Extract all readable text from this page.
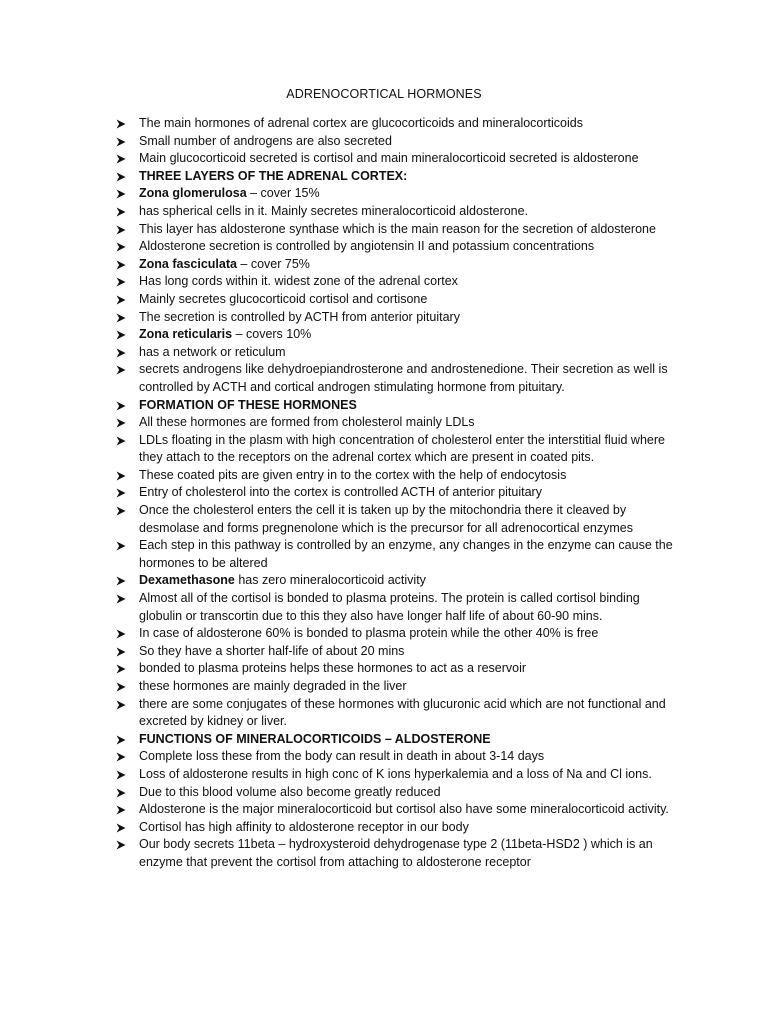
ADRENOCORTICAL HORMONES
The main hormones of adrenal cortex are glucocorticoids and mineralocorticoids
Small number of androgens are also secreted
Main glucocorticoid secreted is cortisol and main mineralocorticoid secreted is aldosterone
THREE LAYERS OF THE ADRENAL CORTEX:
Zona glomerulosa – cover 15%
has spherical cells in it. Mainly secretes mineralocorticoid aldosterone.
This layer has aldosterone synthase which is the main reason for the secretion of aldosterone
Aldosterone secretion is controlled by angiotensin II and potassium concentrations
Zona fasciculata – cover 75%
Has long cords within it. widest zone of the adrenal cortex
Mainly secretes glucocorticoid cortisol and cortisone
The secretion is controlled by ACTH from anterior pituitary
Zona reticularis – covers 10%
has a network or reticulum
secrets androgens like dehydroepiandrosterone and androstenedione. Their secretion as well is controlled by ACTH and cortical androgen stimulating hormone from pituitary.
FORMATION OF THESE HORMONES
All these hormones are formed from cholesterol mainly LDLs
LDLs floating in the plasm with high concentration of cholesterol enter the interstitial fluid where they attach to the receptors on the adrenal cortex which are present in coated pits.
These coated pits are given entry in to the cortex with the help of endocytosis
Entry of cholesterol into the cortex is controlled ACTH of anterior pituitary
Once the cholesterol enters the cell it is taken up by the mitochondria there it cleaved by desmolase and forms pregnenolone which is the precursor for all adrenocortical enzymes
Each step in this pathway is controlled by an enzyme, any changes in the enzyme can cause the hormones to be altered
Dexamethasone has zero mineralocorticoid activity
Almost all of the cortisol is bonded to plasma proteins. The protein is called cortisol binding globulin or transcortin due to this they also have longer half life of about 60-90 mins.
In case of aldosterone 60% is bonded to plasma protein while the other 40% is free
So they have a shorter half-life of about 20 mins
bonded to plasma proteins helps these hormones to act as a reservoir
these hormones are mainly degraded in the liver
there are some conjugates of these hormones with glucuronic acid which are not functional and excreted by kidney or liver.
FUNCTIONS OF MINERALOCORTICOIDS – ALDOSTERONE
Complete loss these from the body can result in death in about 3-14 days
Loss of aldosterone results in high conc of K ions hyperkalemia and a loss of Na and Cl ions.
Due to this blood volume also become greatly reduced
Aldosterone is the major mineralocorticoid but cortisol also have some mineralocorticoid activity.
Cortisol has high affinity to aldosterone receptor in our body
Our body secrets 11beta – hydroxysteroid dehydrogenase type 2 (11beta-HSD2 ) which is an enzyme that prevent the cortisol from attaching to aldosterone receptor
